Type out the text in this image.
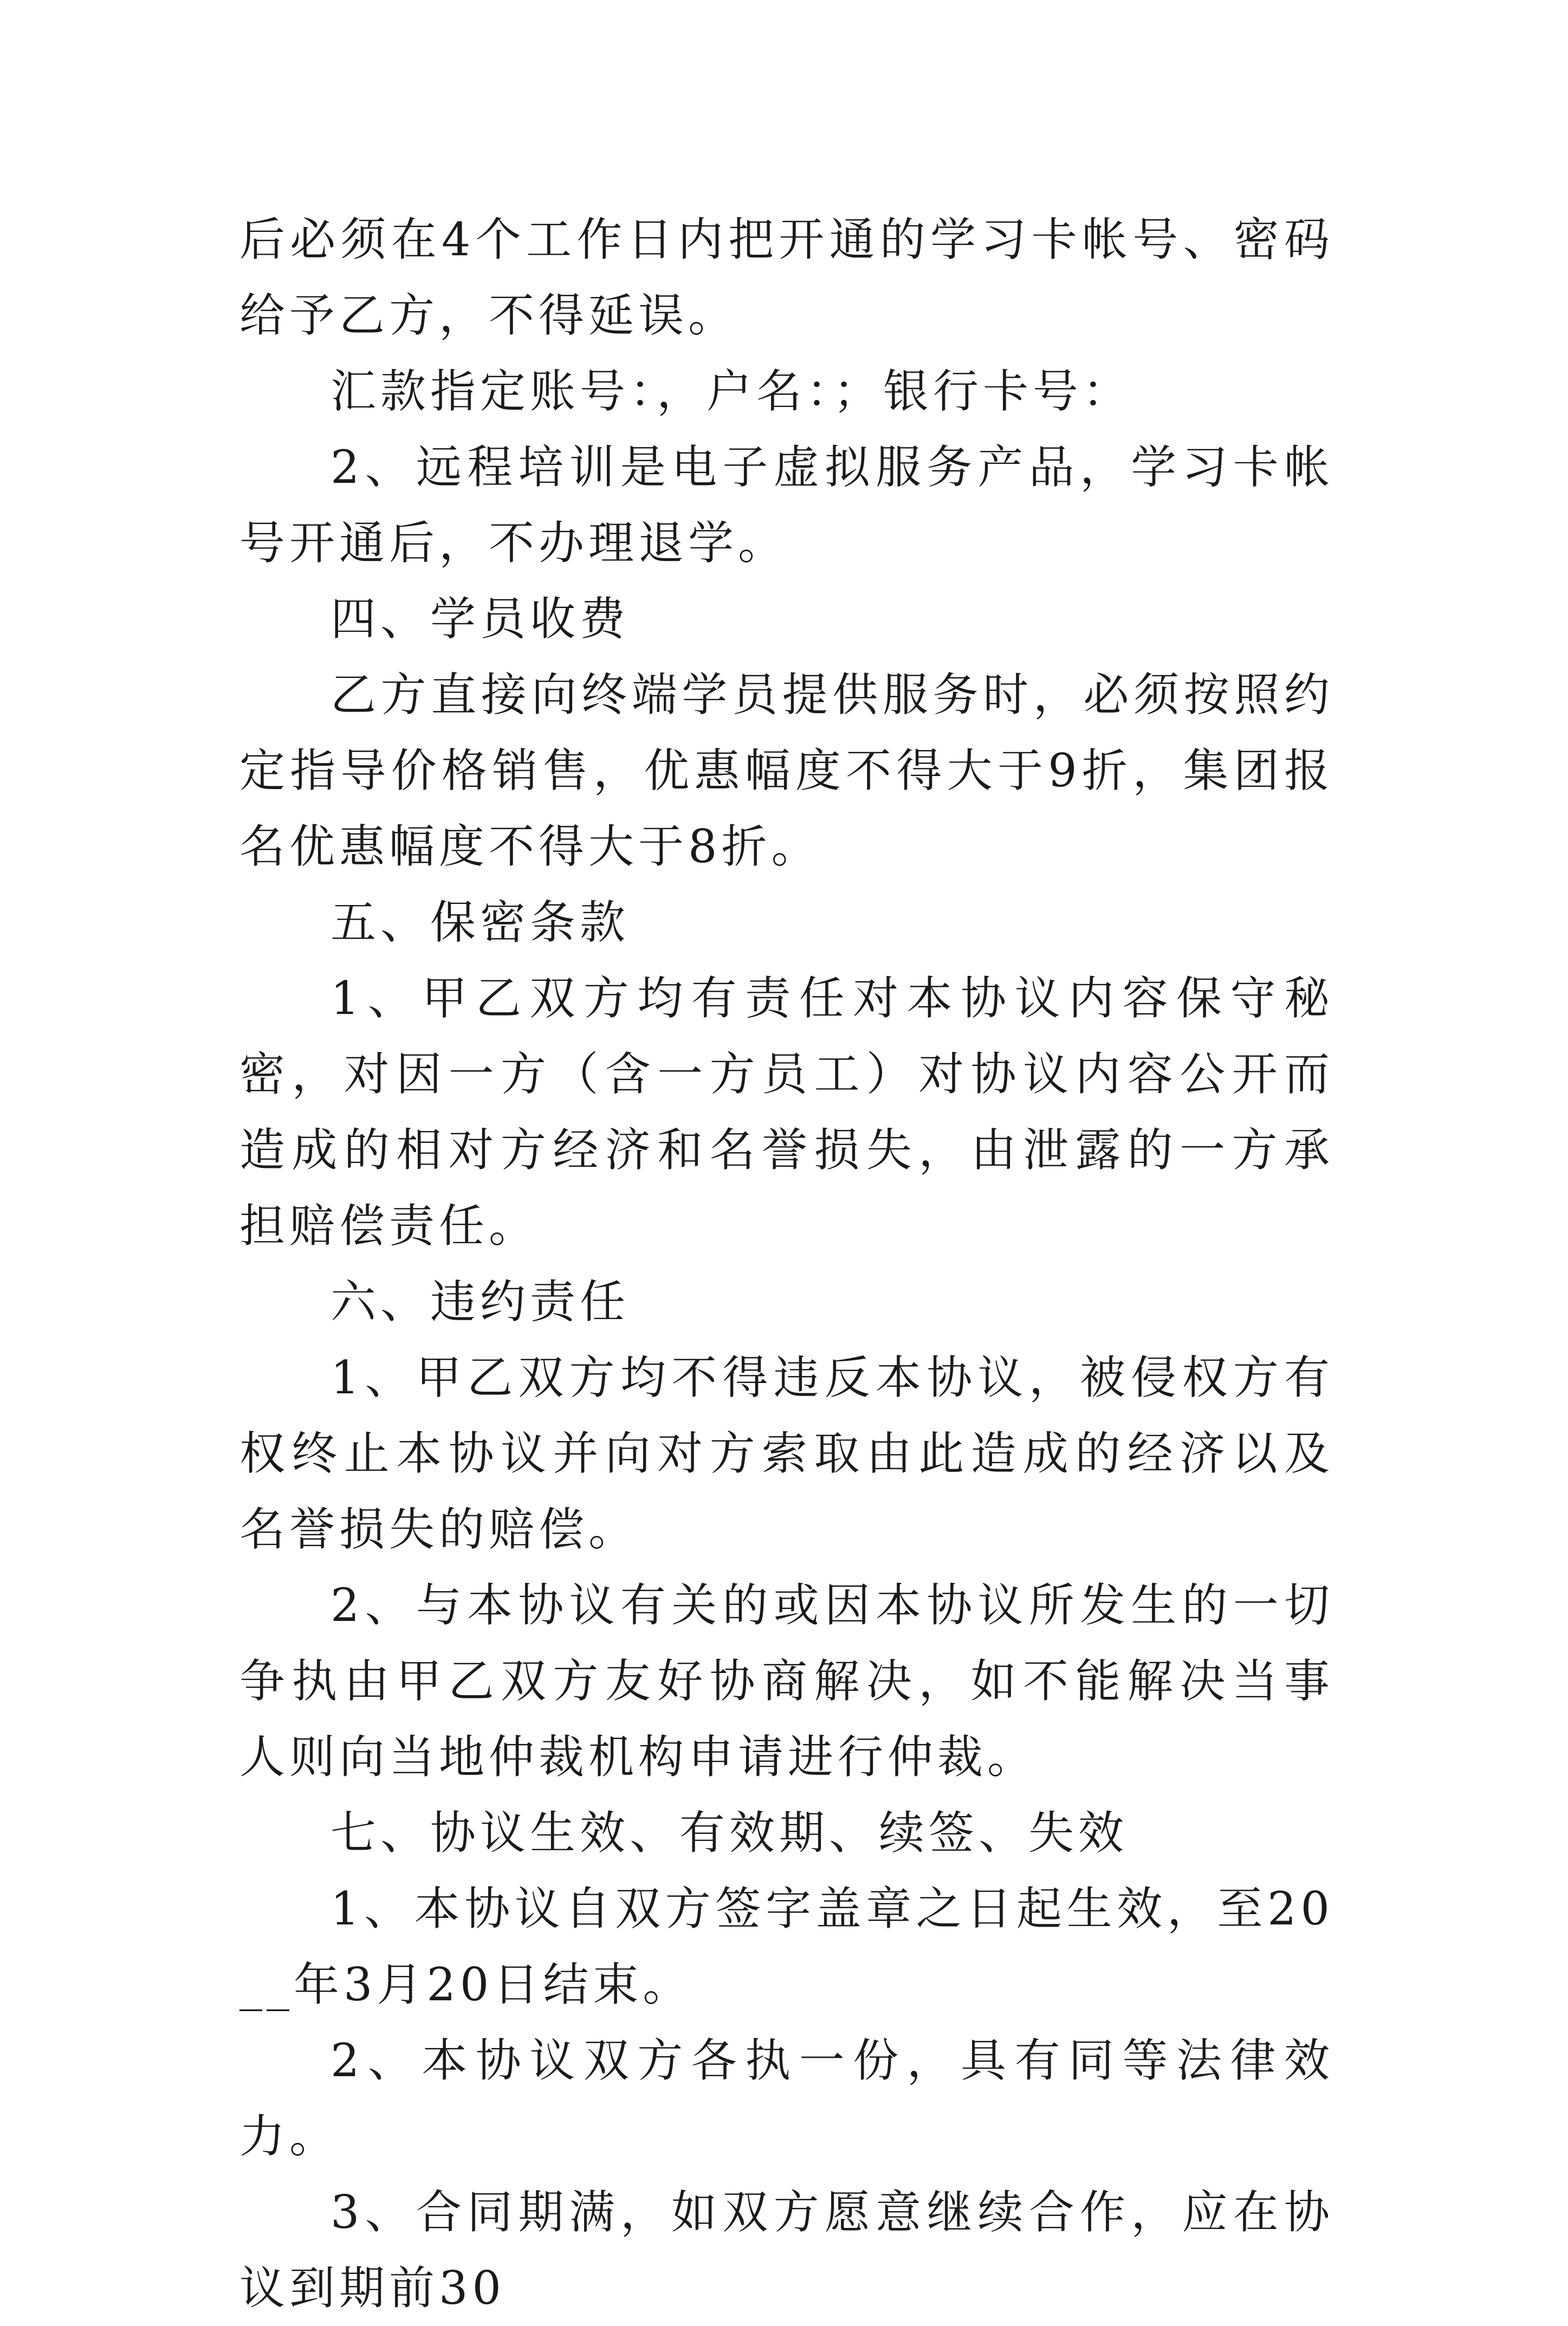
后必须在4个工作日内把开通的学习卡帐号、密码给予乙方，不得延误。

汇款指定账号：，户名：；银行卡号：

2、远程培训是电子虚拟服务产品，学习卡帐号开通后，不办理退学。

四、学员收费

乙方直接向终端学员提供服务时，必须按照约定指导价格销售，优惠幅度不得大于9折，集团报名优惠幅度不得大于8折。

五、保密条款

1、甲乙双方均有责任对本协议内容保守秘密，对因一方（含一方员工）对协议内容公开而造成的相对方经济和名誉损失，由泄露的一方承担赔偿责任。

六、违约责任

1、甲乙双方均不得违反本协议，被侵权方有权终止本协议并向对方索取由此造成的经济以及名誉损失的赔偿。

2、与本协议有关的或因本协议所发生的一切争执由甲乙双方友好协商解决，如不能解决当事人则向当地仲裁机构申请进行仲裁。

七、协议生效、有效期、续签、失效

1、本协议自双方签字盖章之日起生效，至20__年3月20日结束。

2、本协议双方各执一份，具有同等法律效力。

3、合同期满，如双方愿意继续合作，应在协议到期前30
